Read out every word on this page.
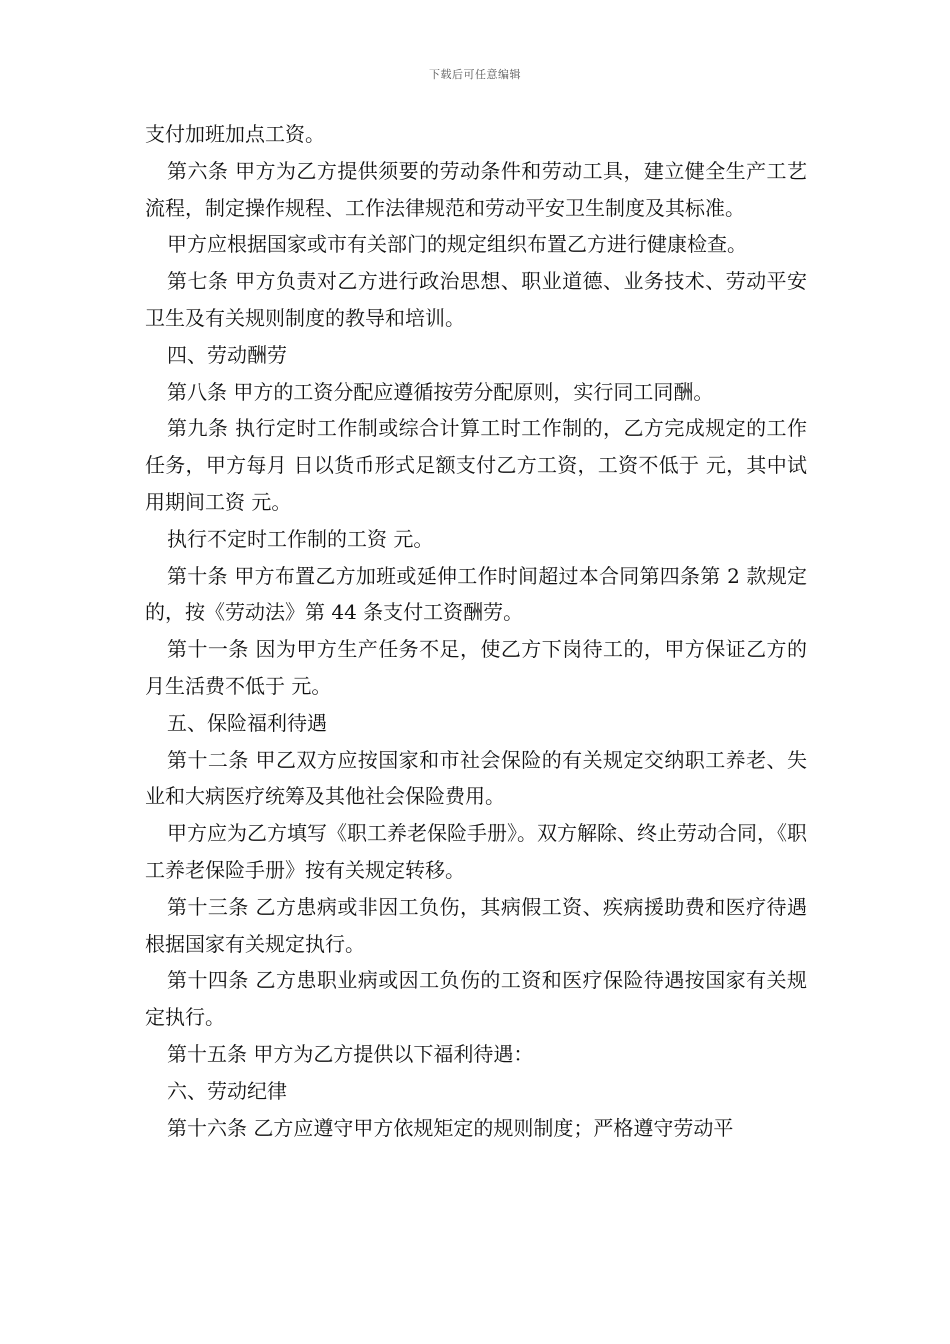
下载后可任意编辑

支付加班加点工资。

第六条 甲方为乙方提供须要的劳动条件和劳动工具，建立健全生产工艺流程，制定操作规程、工作法律规范和劳动平安卫生制度及其标准。

甲方应根据国家或市有关部门的规定组织布置乙方进行健康检查。

第七条 甲方负责对乙方进行政治思想、职业道德、业务技术、劳动平安卫生及有关规则制度的教导和培训。

四、劳动酬劳

第八条 甲方的工资分配应遵循按劳分配原则，实行同工同酬。

第九条 执行定时工作制或综合计算工时工作制的，乙方完成规定的工作任务，甲方每月 日以货币形式足额支付乙方工资，工资不低于 元，其中试用期间工资 元。

执行不定时工作制的工资 元。

第十条 甲方布置乙方加班或延伸工作时间超过本合同第四条第 2 款规定的，按《劳动法》第 44 条支付工资酬劳。

第十一条 因为甲方生产任务不足，使乙方下岗待工的，甲方保证乙方的月生活费不低于 元。

五、保险福利待遇

第十二条 甲乙双方应按国家和市社会保险的有关规定交纳职工养老、失业和大病医疗统筹及其他社会保险费用。

甲方应为乙方填写《职工养老保险手册》。双方解除、终止劳动合同，《职工养老保险手册》按有关规定转移。

第十三条 乙方患病或非因工负伤，其病假工资、疾病援助费和医疗待遇根据国家有关规定执行。

第十四条 乙方患职业病或因工负伤的工资和医疗保险待遇按国家有关规定执行。

第十五条 甲方为乙方提供以下福利待遇：

六、劳动纪律

第十六条 乙方应遵守甲方依规矩定的规则制度；严格遵守劳动平
